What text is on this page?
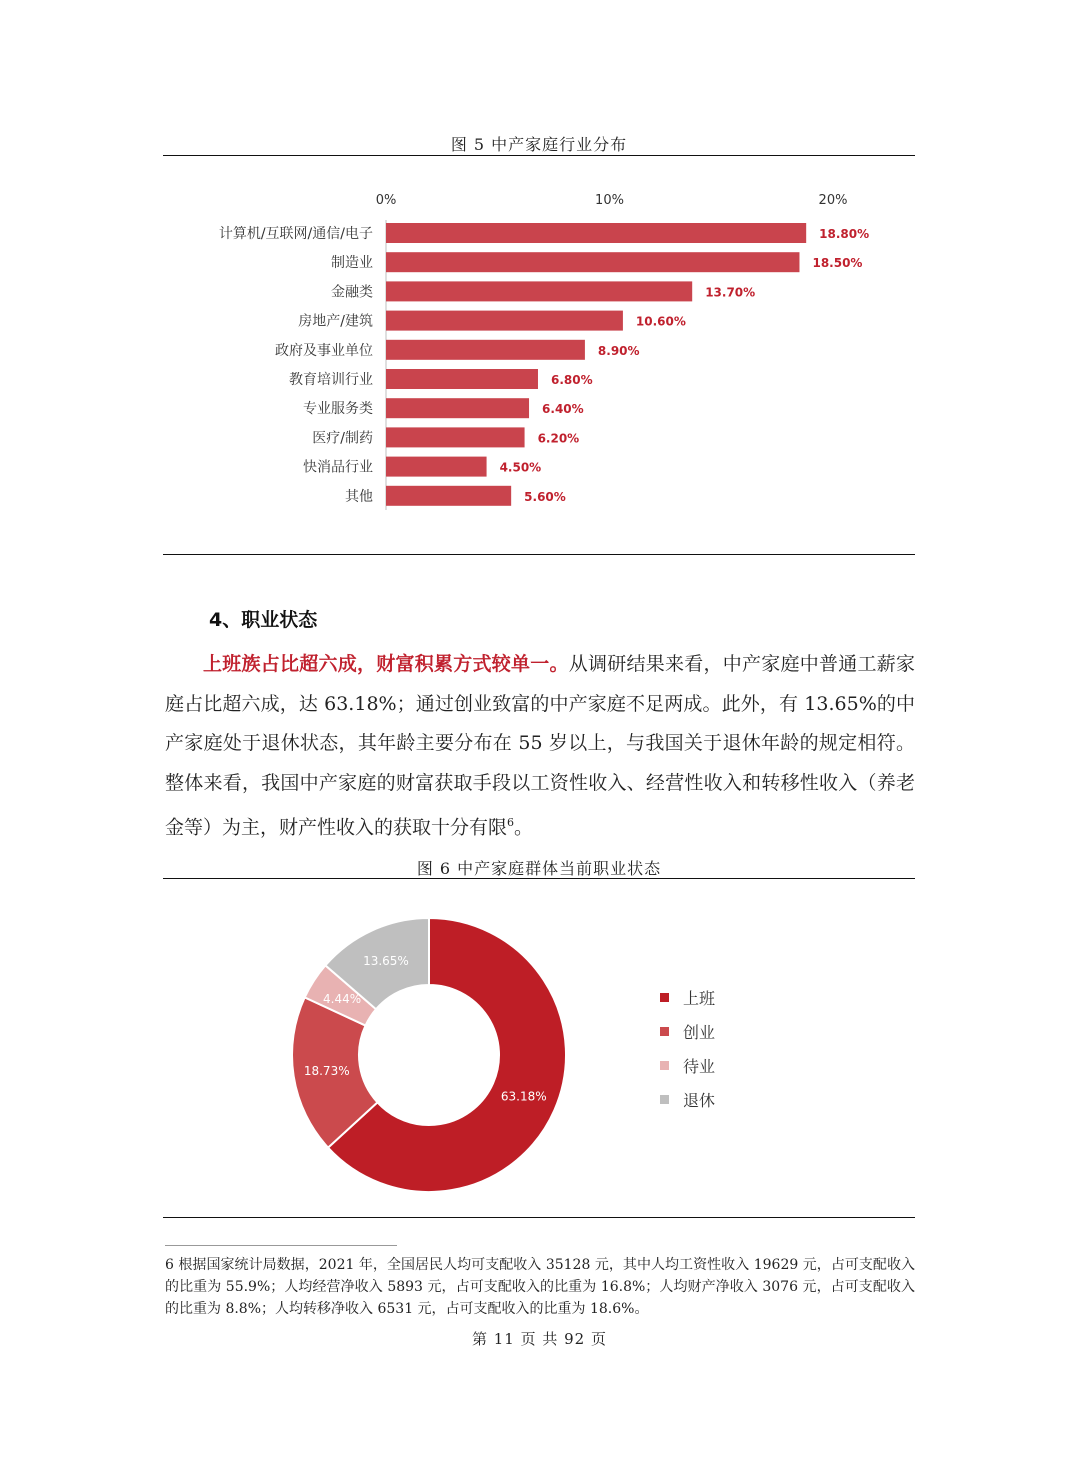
图 5 中产家庭行业分布
0%	10%	20%
计算机/互联网/通信/电子	18.80%
制造业	18.50%
金融类	13.70%
房地产/建筑	10.60%
政府及事业单位	8.90%
教育培训行业	6.80%
专业服务类	6.40%
医疗/制药	6.20%
快消品行业	4.50%
其他	5.60%
4、职业状态
上班族占比超六成，财富积累方式较单一。从调研结果来看，中产家庭中普通工薪家庭占比超六成，达 63.18%；通过创业致富的中产家庭不足两成。此外，有 13.65%的中产家庭处于退休状态，其年龄主要分布在 55 岁以上，与我国关于退休年龄的规定相符。整体来看，我国中产家庭的财富获取手段以工资性收入、经营性收入和转移性收入（养老金等）为主，财产性收入的获取十分有限$^6$。
图 6 中产家庭群体当前职业状态
63.18%
18.73%
4.44%
13.65%
上班
创业
待业
退休
6 根据国家统计局数据，2021 年，全国居民人均可支配收入 35128 元，其中人均工资性收入 19629 元，占可支配收入的比重为 55.9%；人均经营净收入 5893 元，占可支配收入的比重为 16.8%；人均财产净收入 3076 元，占可支配收入的比重为 8.8%；人均转移净收入 6531 元，占可支配收入的比重为 18.6%。
第 11 页 共 92 页
